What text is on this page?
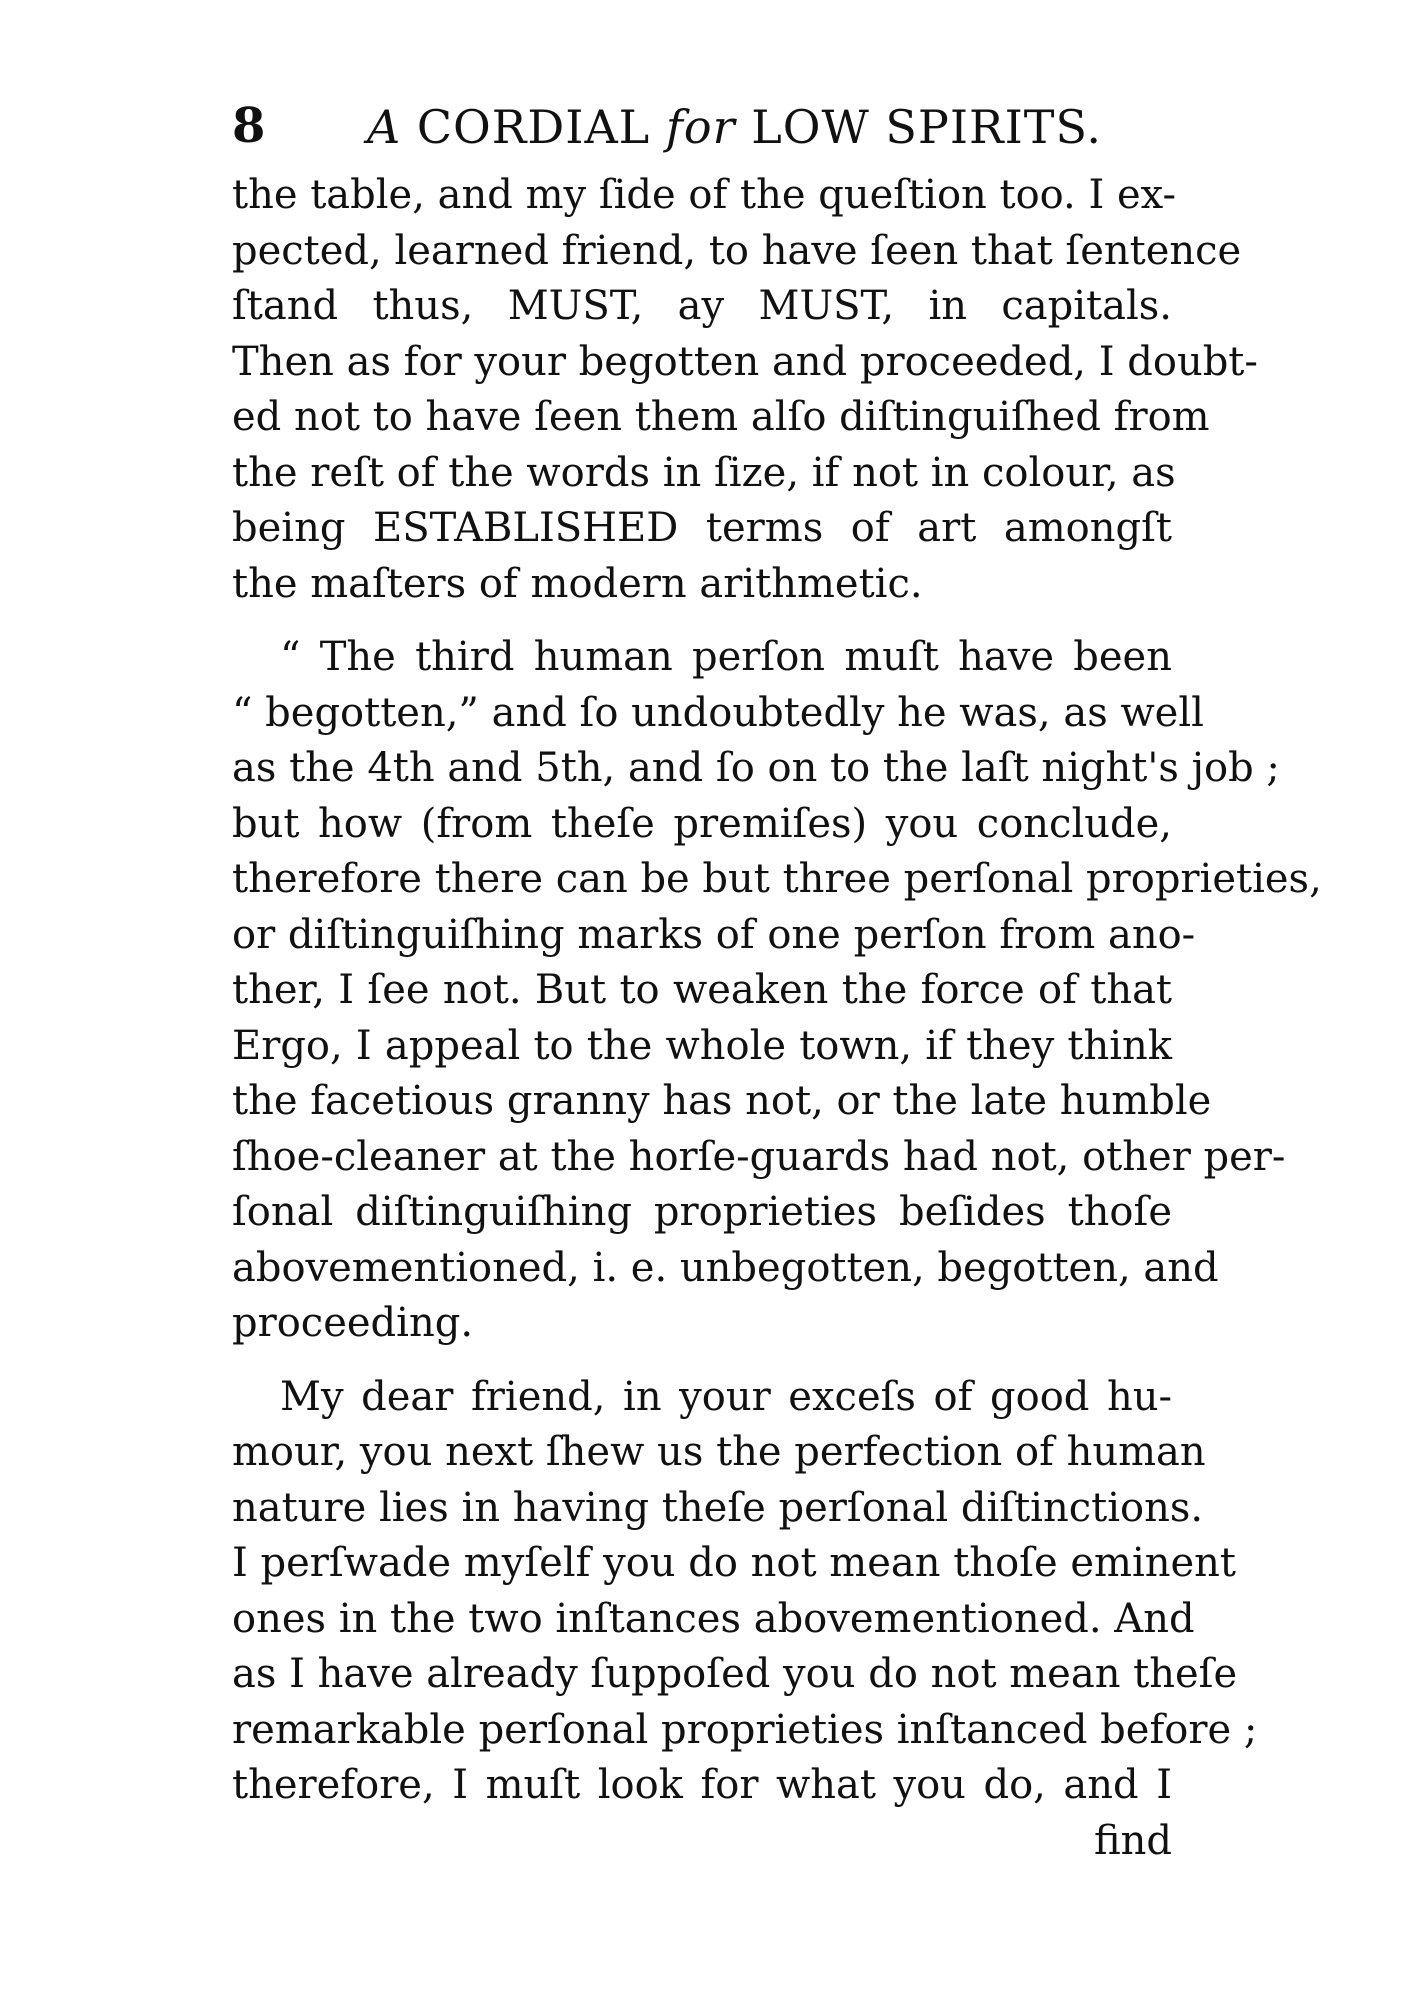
8 A CORDIAL for LOW SPIRITS.
the table, and my ſide of the queſtion too. I ex-
pected, learned friend, to have ſeen that ſentence
ſtand thus, MUST, ay MUST, in capitals.
Then as for your begotten and proceeded, I doubt-
ed not to have ſeen them alſo diſtinguiſhed from
the reſt of the words in ſize, if not in colour, as
being ESTABLISHED terms of art amongſt
the maſters of modern arithmetic.
“ The third human perſon muſt have been
“ begotten,” and ſo undoubtedly he was, as well
as the 4th and 5th, and ſo on to the laſt night's job ;
but how (from theſe premiſes) you conclude,
therefore there can be but three perſonal proprieties,
or diſtinguiſhing marks of one perſon from ano-
ther, I ſee not. But to weaken the force of that
Ergo, I appeal to the whole town, if they think
the facetious granny has not, or the late humble
ſhoe-cleaner at the horſe-guards had not, other per-
ſonal diſtinguiſhing proprieties beſides thoſe
abovementioned, i. e. unbegotten, begotten, and
proceeding.
My dear friend, in your exceſs of good hu-
mour, you next ſhew us the perfection of human
nature lies in having theſe perſonal diſtinctions.
I perſwade myſelf you do not mean thoſe eminent
ones in the two inſtances abovementioned. And
as I have already ſuppoſed you do not mean theſe
remarkable perſonal proprieties inſtanced before ;
therefore, I muſt look for what you do, and I
find
